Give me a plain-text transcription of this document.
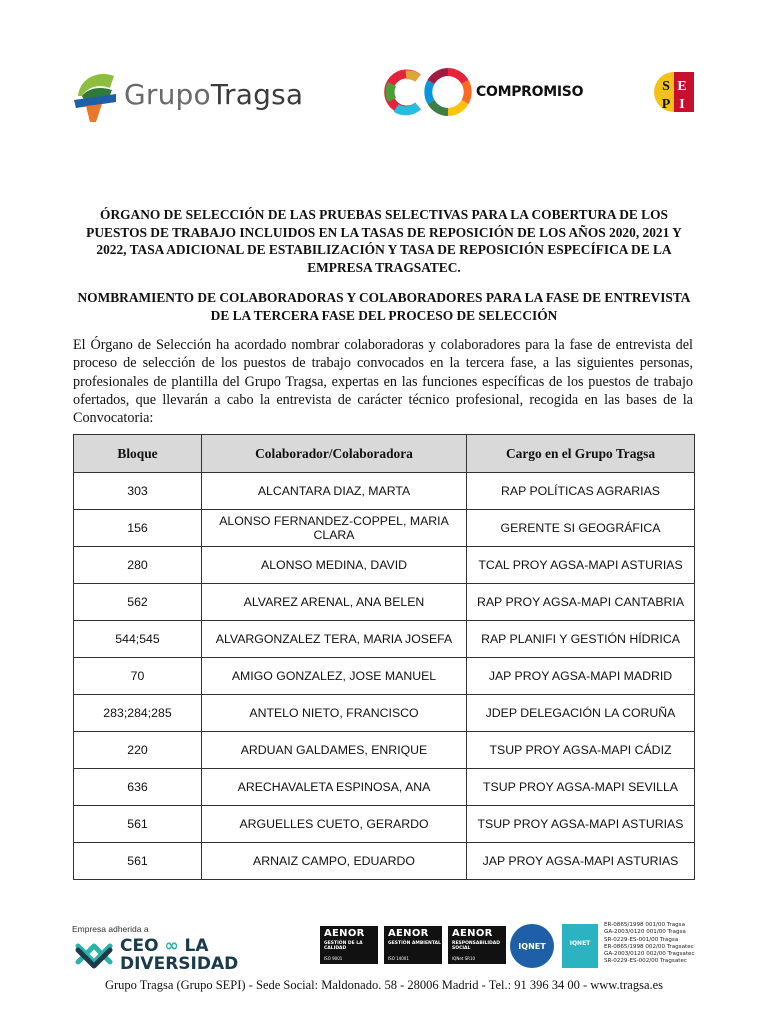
GrupoTragsa	COMPROMISO	S E
P I

ÓRGANO DE SELECCIÓN DE LAS PRUEBAS SELECTIVAS PARA LA COBERTURA DE LOS PUESTOS DE TRABAJO INCLUIDOS EN LA TASAS DE REPOSICIÓN DE LOS AÑOS 2020, 2021 Y 2022, TASA ADICIONAL DE ESTABILIZACIÓN Y TASA DE REPOSICIÓN ESPECÍFICA DE LA EMPRESA TRAGSATEC.

NOMBRAMIENTO DE COLABORADORAS Y COLABORADORES PARA LA FASE DE ENTREVISTA DE LA TERCERA FASE DEL PROCESO DE SELECCIÓN

El Órgano de Selección ha acordado nombrar colaboradoras y colaboradores para la fase de entrevista del proceso de selección de los puestos de trabajo convocados en la tercera fase, a las siguientes personas, profesionales de plantilla del Grupo Tragsa, expertas en las funciones específicas de los puestos de trabajo ofertados, que llevarán a cabo la entrevista de carácter técnico profesional, recogida en las bases de la Convocatoria:

Bloque	Colaborador/Colaboradora	Cargo en el Grupo Tragsa
303	ALCANTARA DIAZ, MARTA	RAP POLÍTICAS AGRARIAS
156	ALONSO FERNANDEZ-COPPEL, MARIA CLARA	GERENTE SI GEOGRÁFICA
280	ALONSO MEDINA, DAVID	TCAL PROY AGSA-MAPI ASTURIAS
562	ALVAREZ ARENAL, ANA BELEN	RAP PROY AGSA-MAPI CANTABRIA
544;545	ALVARGONZALEZ TERA, MARIA JOSEFA	RAP PLANIFI Y GESTIÓN HÍDRICA
70	AMIGO GONZALEZ, JOSE MANUEL	JAP PROY AGSA-MAPI MADRID
283;284;285	ANTELO NIETO, FRANCISCO	JDEP DELEGACIÓN LA CORUÑA
220	ARDUAN GALDAMES, ENRIQUE	TSUP PROY AGSA-MAPI CÁDIZ
636	ARECHAVALETA ESPINOSA, ANA	TSUP PROY AGSA-MAPI SEVILLA
561	ARGUELLES CUETO, GERARDO	TSUP PROY AGSA-MAPI ASTURIAS
561	ARNAIZ CAMPO, EDUARDO	JAP PROY AGSA-MAPI ASTURIAS
Empresa adherida a
CEO ∞ LA
DIVERSIDAD
AENOR
GESTIÓN DE LA CALIDAD
ISO 9001
AENOR
GESTIÓN AMBIENTAL
ISO 14001
AENOR
RESPONSABILIDAD SOCIAL
IQNet SR10
IQNET	IQNET
ER-0865/1998 001/00 Tragsa
GA-2003/0120 001/00 Tragsa
SR-0229-ES-001/00 Tragsa
ER-0865/1998 002/00 Tragsatec
GA-2003/0120 002/00 Tragsatec
SR-0229-ES-002/00 Tragsatec
Grupo Tragsa (Grupo SEPI) - Sede Social: Maldonado. 58 - 28006 Madrid - Tel.: 91 396 34 00 - www.tragsa.es
